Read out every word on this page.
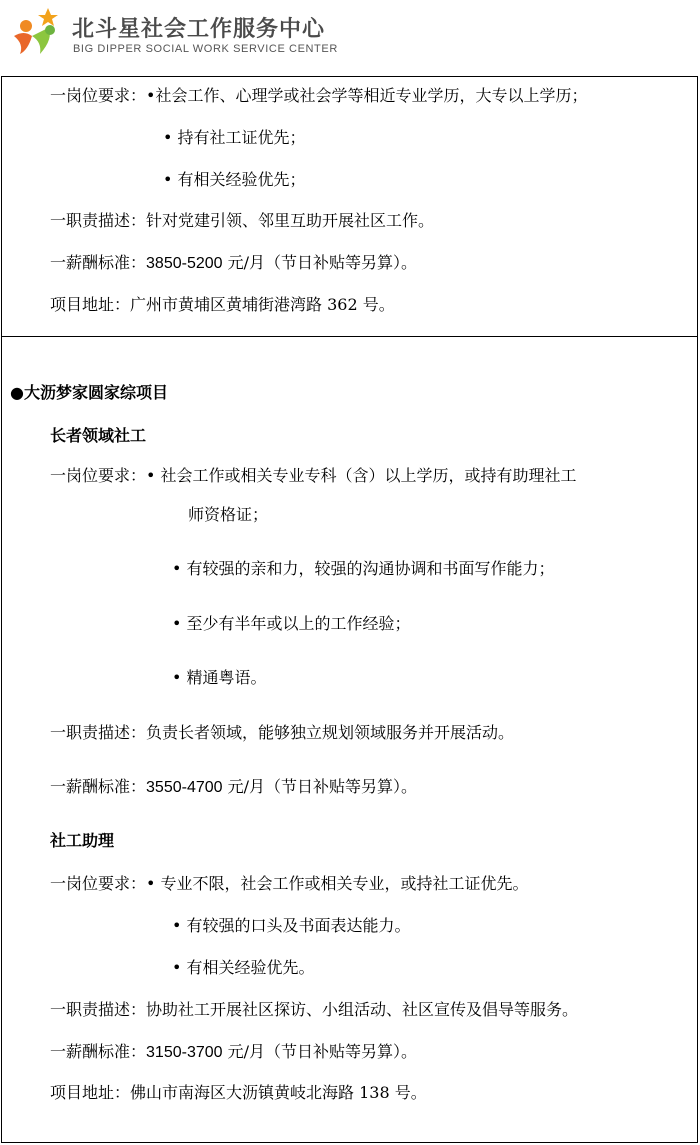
北斗星社会工作服务中心
BIG DIPPER SOCIAL WORK SERVICE CENTER
一岗位要求：•社会工作、心理学或社会学等相近专业学历，大专以上学历；
• 持有社工证优先；
• 有相关经验优先；
一职责描述：针对党建引领、邻里互助开展社区工作。
一薪酬标准：3850-5200 元/月（节日补贴等另算）。
项目地址：广州市黄埔区黄埔街港湾路 362 号。
●大沥梦家圆家综项目
长者领域社工
一岗位要求：• 社会工作或相关专业专科（含）以上学历，或持有助理社工
师资格证；
• 有较强的亲和力，较强的沟通协调和书面写作能力；
• 至少有半年或以上的工作经验；
• 精通粤语。
一职责描述：负责长者领域，能够独立规划领域服务并开展活动。
一薪酬标准：3550-4700 元/月（节日补贴等另算）。
社工助理
一岗位要求：• 专业不限，社会工作或相关专业，或持社工证优先。
• 有较强的口头及书面表达能力。
• 有相关经验优先。
一职责描述：协助社工开展社区探访、小组活动、社区宣传及倡导等服务。
一薪酬标准：3150-3700 元/月（节日补贴等另算）。
项目地址：佛山市南海区大沥镇黄岐北海路 138 号。
